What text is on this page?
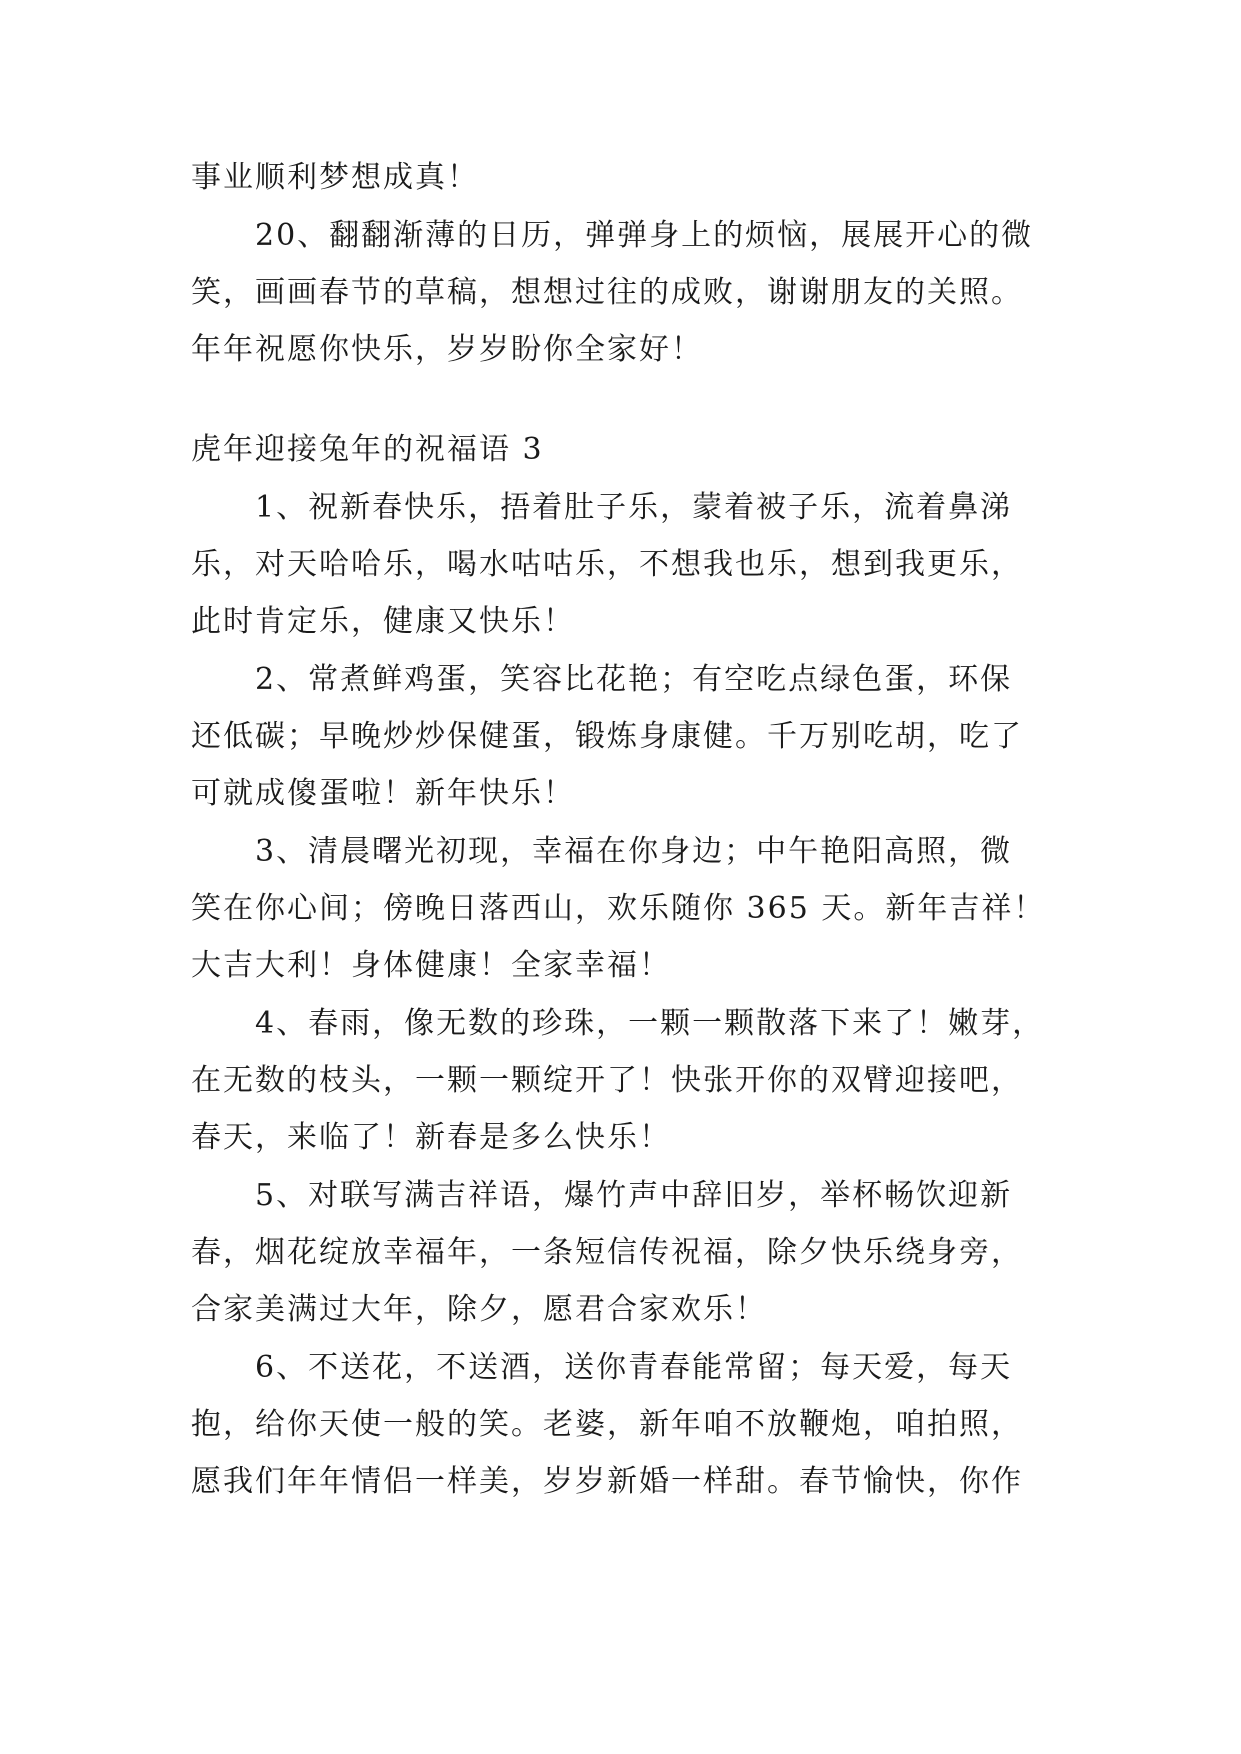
事业顺利梦想成真！
20、翻翻渐薄的日历，弹弹身上的烦恼，展展开心的微
笑，画画春节的草稿，想想过往的成败，谢谢朋友的关照。
年年祝愿你快乐，岁岁盼你全家好！
虎年迎接兔年的祝福语 3
1、祝新春快乐，捂着肚子乐，蒙着被子乐，流着鼻涕
乐，对天哈哈乐，喝水咕咕乐，不想我也乐，想到我更乐，
此时肯定乐，健康又快乐！
2、常煮鲜鸡蛋，笑容比花艳；有空吃点绿色蛋，环保
还低碳；早晚炒炒保健蛋，锻炼身康健。千万别吃胡，吃了
可就成傻蛋啦！新年快乐！
3、清晨曙光初现，幸福在你身边；中午艳阳高照，微
笑在你心间；傍晚日落西山，欢乐随你 365 天。新年吉祥！
大吉大利！身体健康！全家幸福！
4、春雨，像无数的珍珠，一颗一颗散落下来了！嫩芽，
在无数的枝头，一颗一颗绽开了！快张开你的双臂迎接吧，
春天，来临了！新春是多么快乐！
5、对联写满吉祥语，爆竹声中辞旧岁，举杯畅饮迎新
春，烟花绽放幸福年，一条短信传祝福，除夕快乐绕身旁，
合家美满过大年，除夕，愿君合家欢乐！
6、不送花，不送酒，送你青春能常留；每天爱，每天
抱，给你天使一般的笑。老婆，新年咱不放鞭炮，咱拍照，
愿我们年年情侣一样美，岁岁新婚一样甜。春节愉快，你作
